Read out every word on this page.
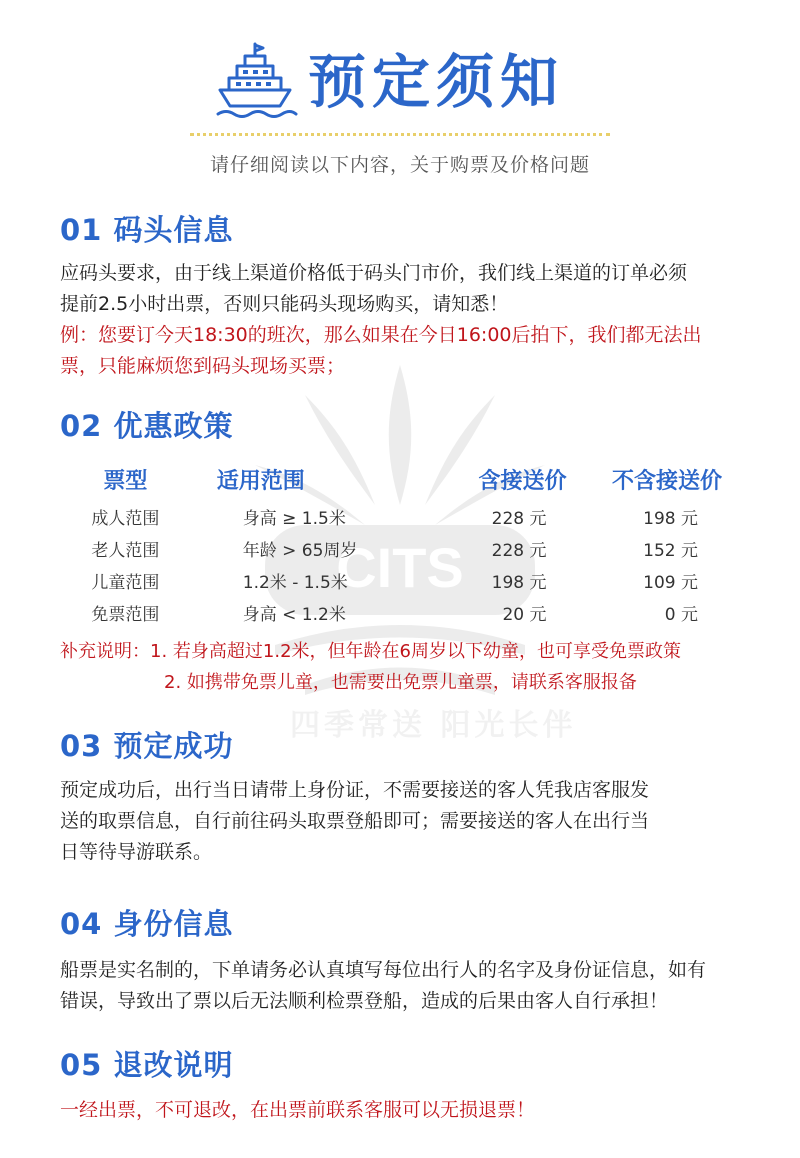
预定须知
请仔细阅读以下内容，关于购票及价格问题
CITS
四季常送 阳光长伴
01 码头信息
应码头要求，由于线上渠道价格低于码头门市价，我们线上渠道的订单必须
提前2.5小时出票，否则只能码头现场购买，请知悉！
例：您要订今天18:30的班次，那么如果在今日16:00后拍下，我们都无法出
票，只能麻烦您到码头现场买票；
02 优惠政策
票型	适用范围	含接送价	不含接送价
成人范围	身高 ≥ 1.5米	228 元	198 元
老人范围	年龄 > 65周岁	228 元	152 元
儿童范围	1.2米 - 1.5米	198 元	109 元
免票范围	身高 < 1.2米	20 元	0 元
补充说明：1. 若身高超过1.2米，但年龄在6周岁以下幼童，也可享受免票政策
2. 如携带免票儿童，也需要出免票儿童票，请联系客服报备
03 预定成功
预定成功后，出行当日请带上身份证，不需要接送的客人凭我店客服发
送的取票信息，自行前往码头取票登船即可；需要接送的客人在出行当
日等待导游联系。
04 身份信息
船票是实名制的，下单请务必认真填写每位出行人的名字及身份证信息，如有
错误，导致出了票以后无法顺利检票登船，造成的后果由客人自行承担！
05 退改说明
一经出票，不可退改，在出票前联系客服可以无损退票！
